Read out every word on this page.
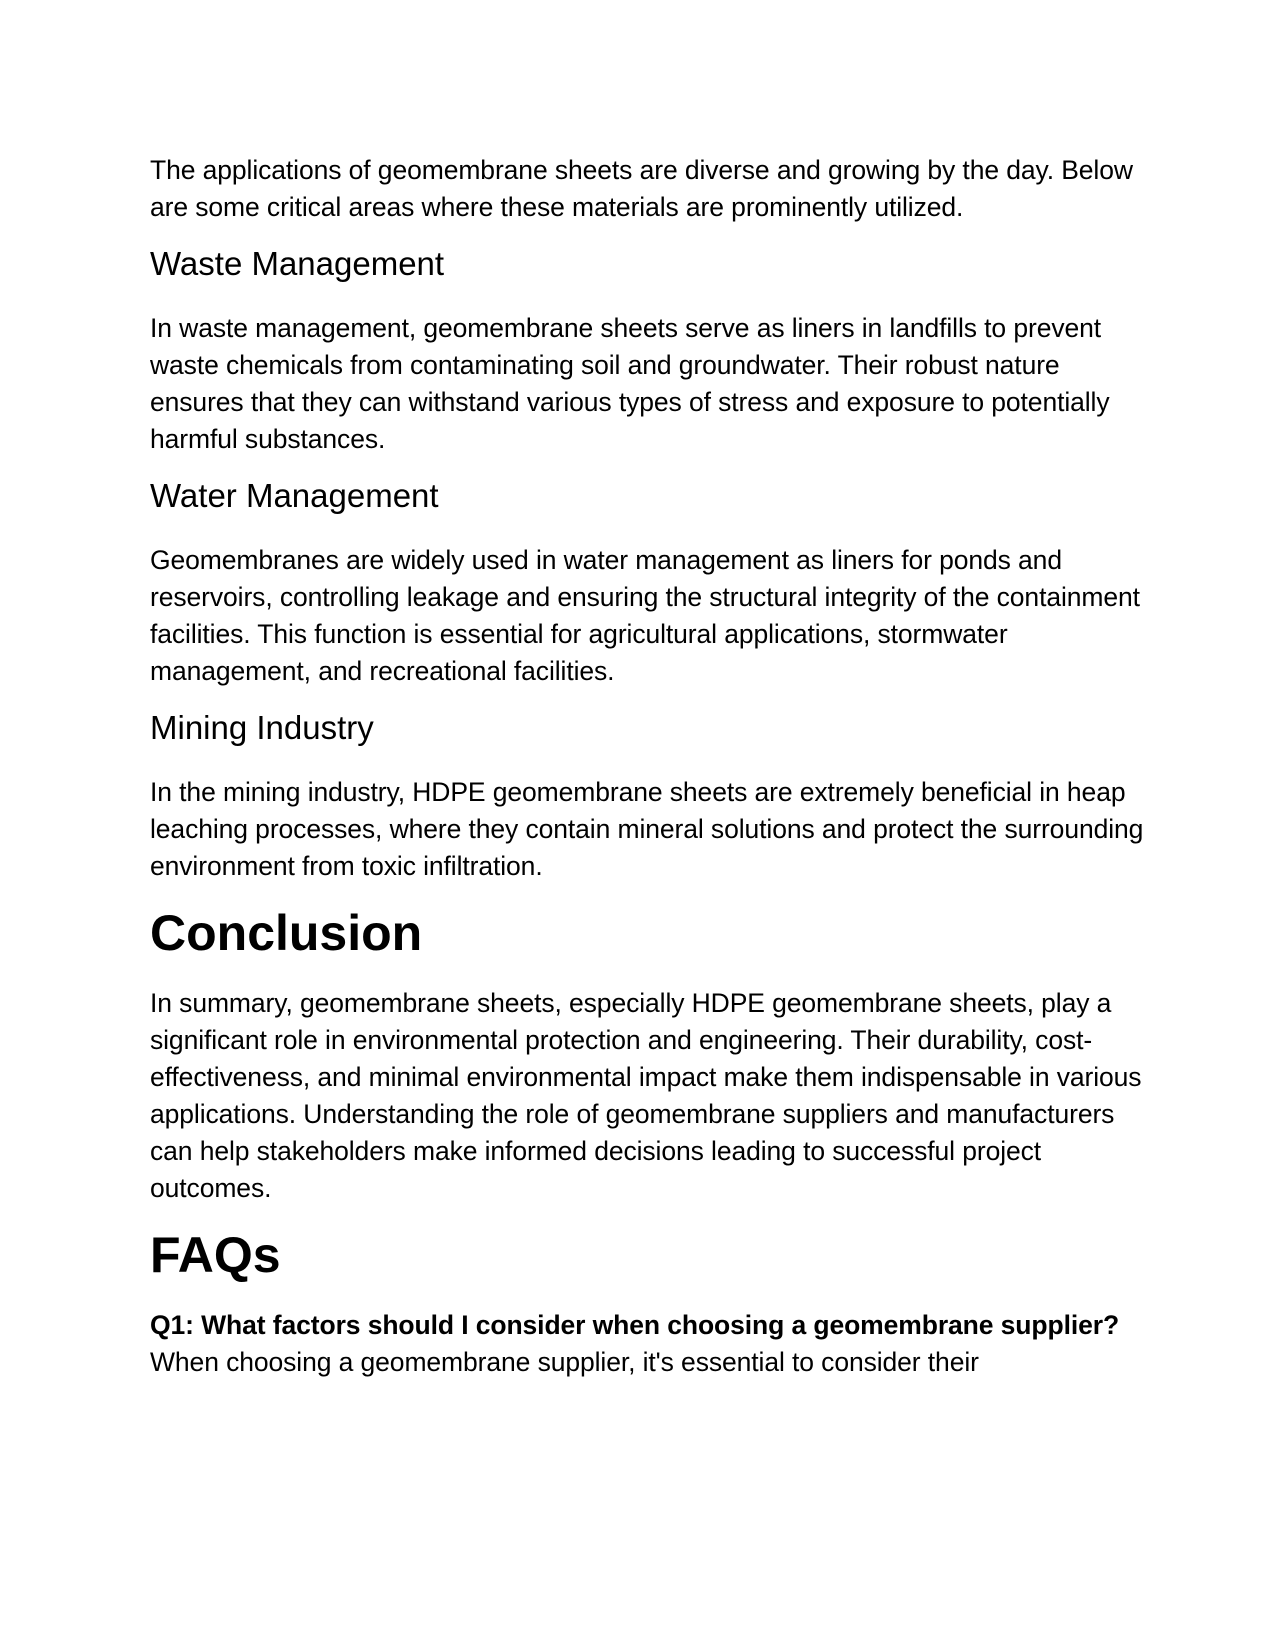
The applications of geomembrane sheets are diverse and growing by the day. Below are some critical areas where these materials are prominently utilized.

Waste Management

In waste management, geomembrane sheets serve as liners in landfills to prevent waste chemicals from contaminating soil and groundwater. Their robust nature ensures that they can withstand various types of stress and exposure to potentially harmful substances.

Water Management

Geomembranes are widely used in water management as liners for ponds and reservoirs, controlling leakage and ensuring the structural integrity of the containment facilities. This function is essential for agricultural applications, stormwater management, and recreational facilities.

Mining Industry

In the mining industry, HDPE geomembrane sheets are extremely beneficial in heap leaching processes, where they contain mineral solutions and protect the surrounding environment from toxic infiltration.

Conclusion

In summary, geomembrane sheets, especially HDPE geomembrane sheets, play a significant role in environmental protection and engineering. Their durability, cost-effectiveness, and minimal environmental impact make them indispensable in various applications. Understanding the role of geomembrane suppliers and manufacturers can help stakeholders make informed decisions leading to successful project outcomes.

FAQs

Q1: What factors should I consider when choosing a geomembrane supplier?

When choosing a geomembrane supplier, it's essential to consider their
